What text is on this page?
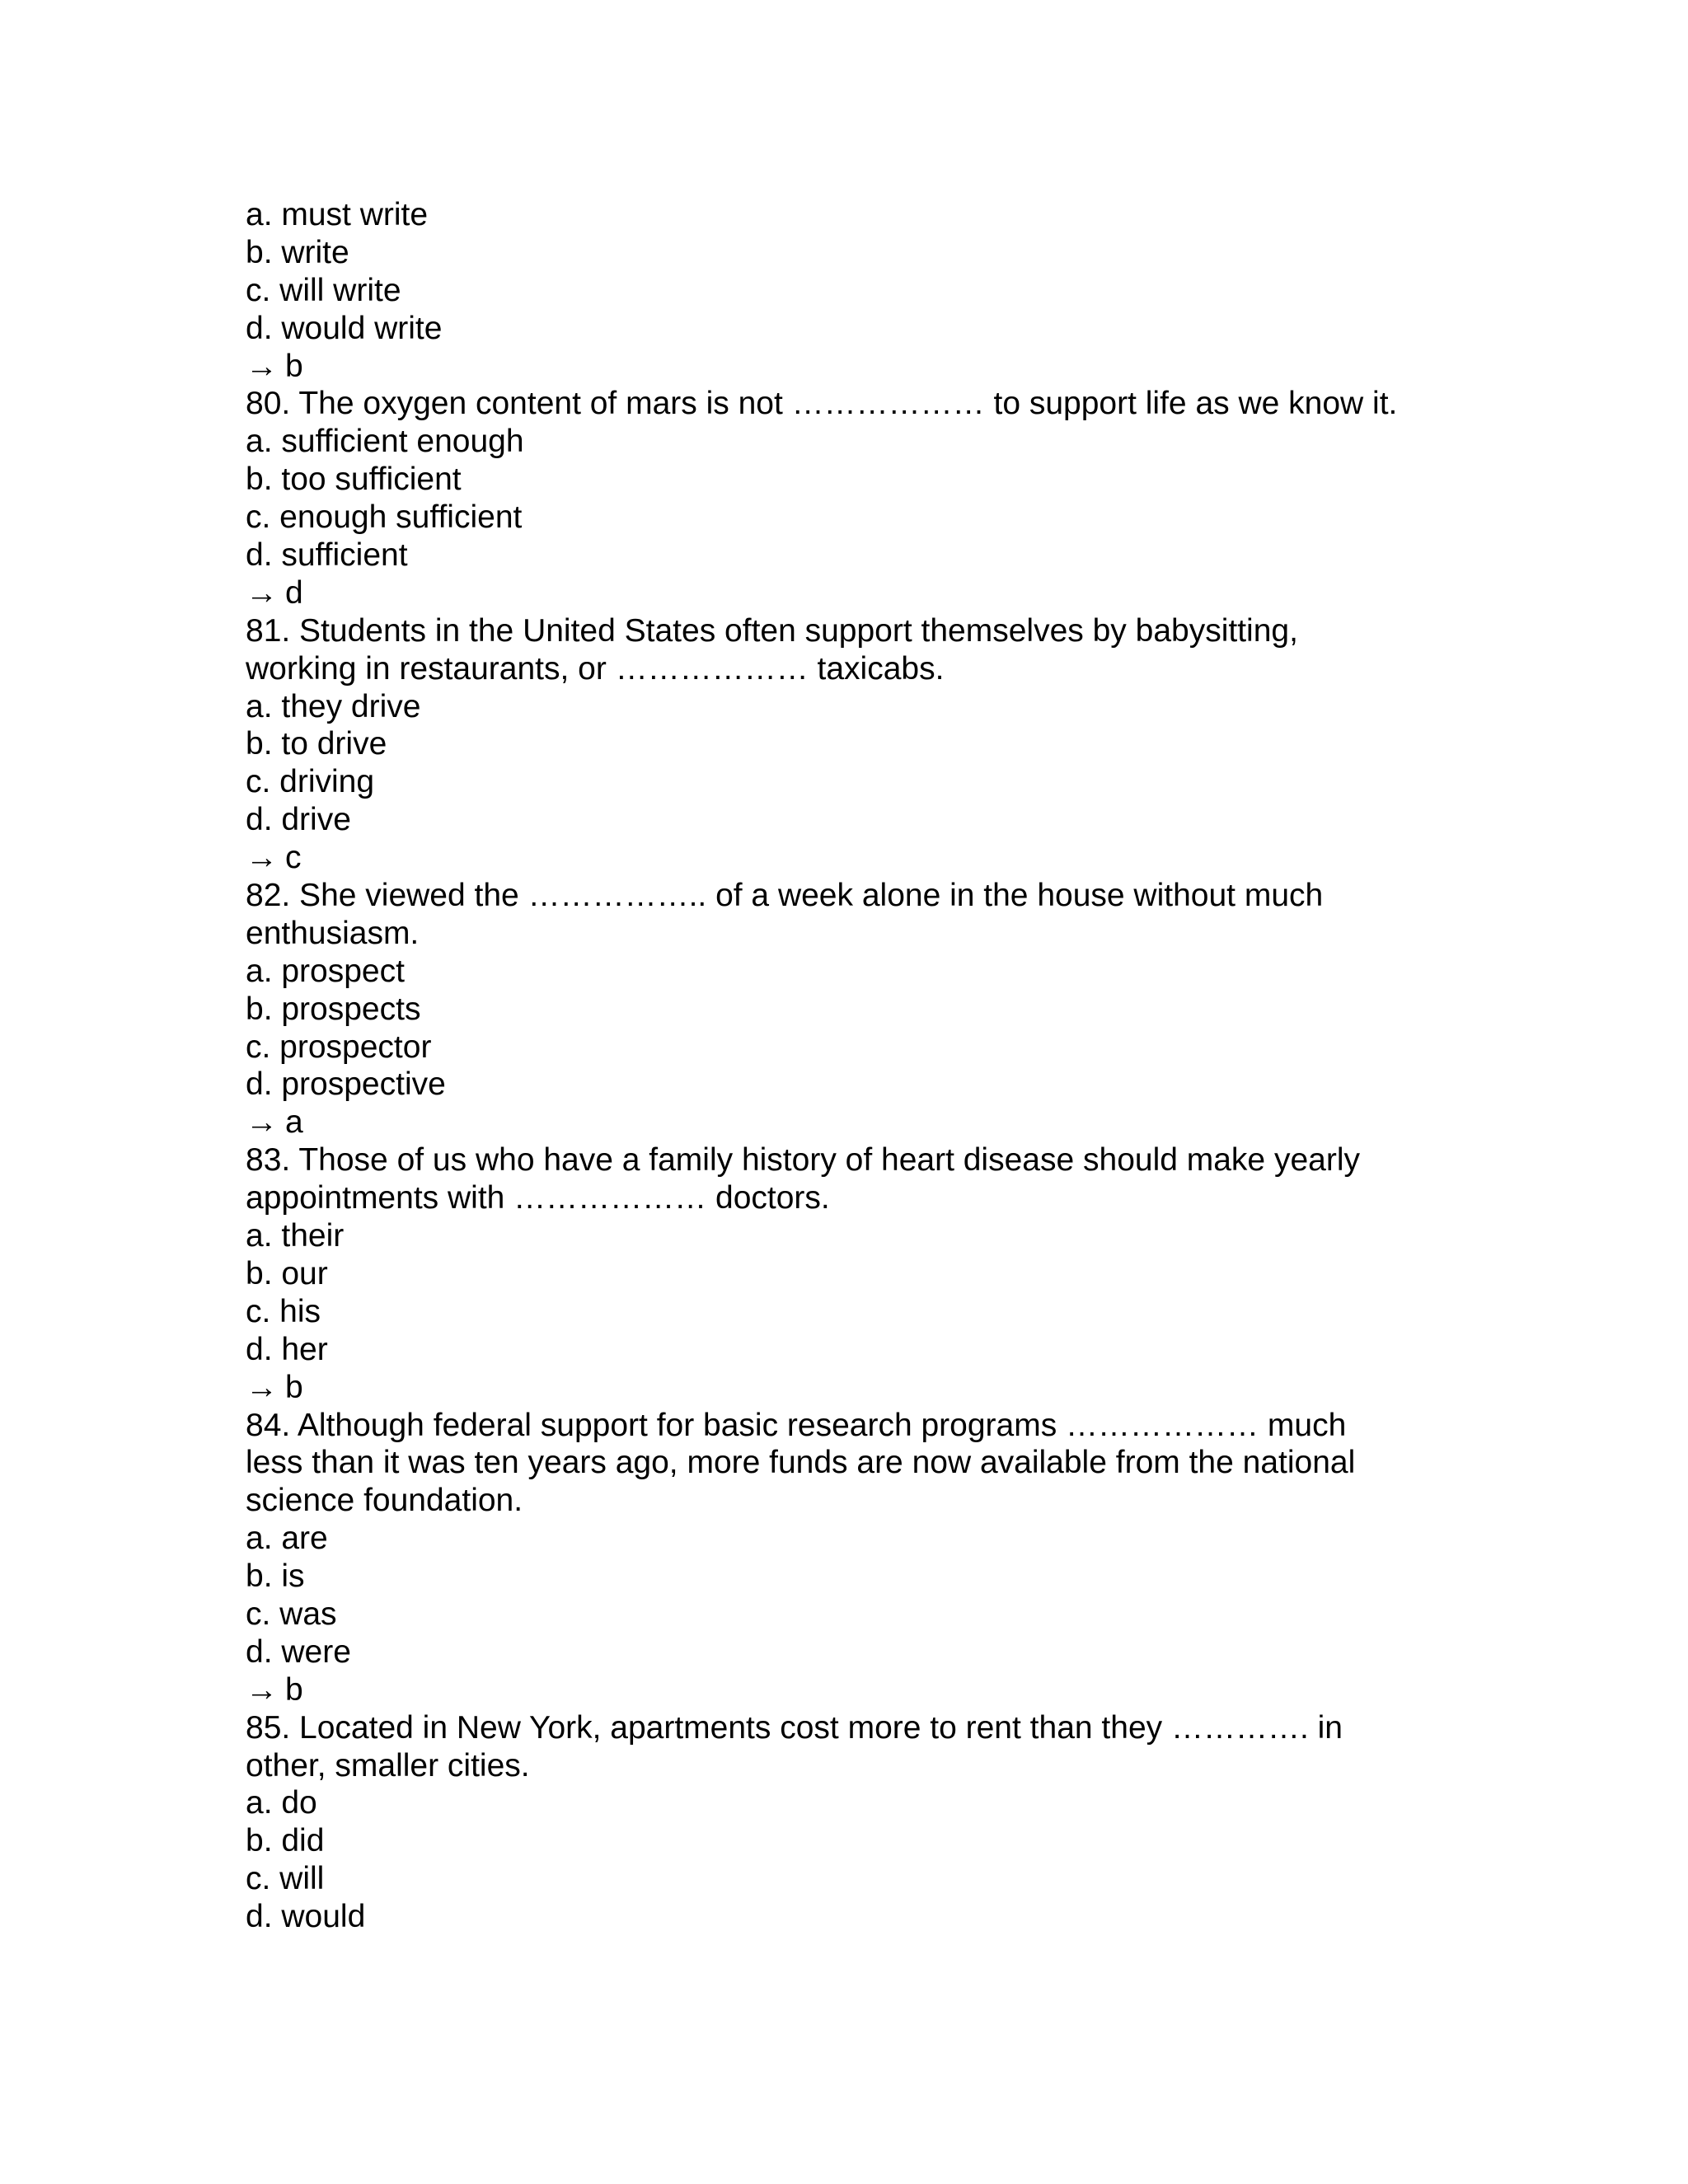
a. must write
b. write
c. will write
d. would write
→ b
80. The oxygen content of mars is not ……………… to support life as we know it.
a. sufficient enough
b. too sufficient
c. enough sufficient
d. sufficient
→ d
81. Students in the United States often support themselves by babysitting,
working in restaurants, or ……………… taxicabs.
a. they drive
b. to drive
c. driving
d. drive
→ c
82. She viewed the …………….. of a week alone in the house without much
enthusiasm.
a. prospect
b. prospects
c. prospector
d. prospective
→ a
83. Those of us who have a family history of heart disease should make yearly
appointments with ……………… doctors.
a. their
b. our
c. his
d. her
→ b
84. Although federal support for basic research programs ……………… much
less than it was ten years ago, more funds are now available from the national
science foundation.
a. are
b. is
c. was
d. were
→ b
85. Located in New York, apartments cost more to rent than they …………. in
other, smaller cities.
a. do
b. did
c. will
d. would
